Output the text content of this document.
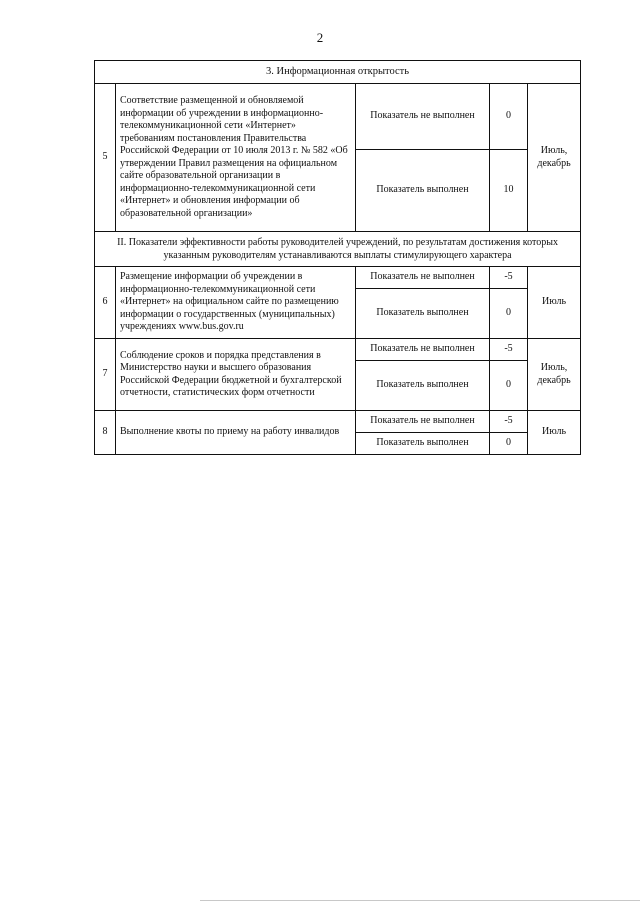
2
3. Информационная открытость				
5	Соответствие размещенной и обновляемой информации об учреждении в информационно-телекоммуникационной сети «Интернет» требованиям постановления Правительства Российской Федерации от 10 июля 2013 г. № 582 «Об утверждении Правил размещения на официальном сайте образовательной организации в информационно-телекоммуникационной сети «Интернет» и обновления информации об образовательной организации»	Показатель не выполнен	0	Июль, декабрь
		Показатель выполнен	10	
II. Показатели эффективности работы руководителей учреждений, по результатам достижения которых указанным руководителям устанавливаются выплаты стимулирующего характера				
6	Размещение информации об учреждении в информационно-телекоммуникационной сети «Интернет» на официальном сайте по размещению информации о государственных (муниципальных) учреждениях www.bus.gov.ru	Показатель не выполнен	-5	Июль
		Показатель выполнен	0	
7	Соблюдение сроков и порядка представления в Министерство науки и высшего образования Российской Федерации бюджетной и бухгалтерской отчетности, статистических форм отчетности	Показатель не выполнен	-5	Июль, декабрь
		Показатель выполнен	0	
8	Выполнение квоты по приему на работу инвалидов	Показатель не выполнен	-5	Июль
		Показатель выполнен	0	
